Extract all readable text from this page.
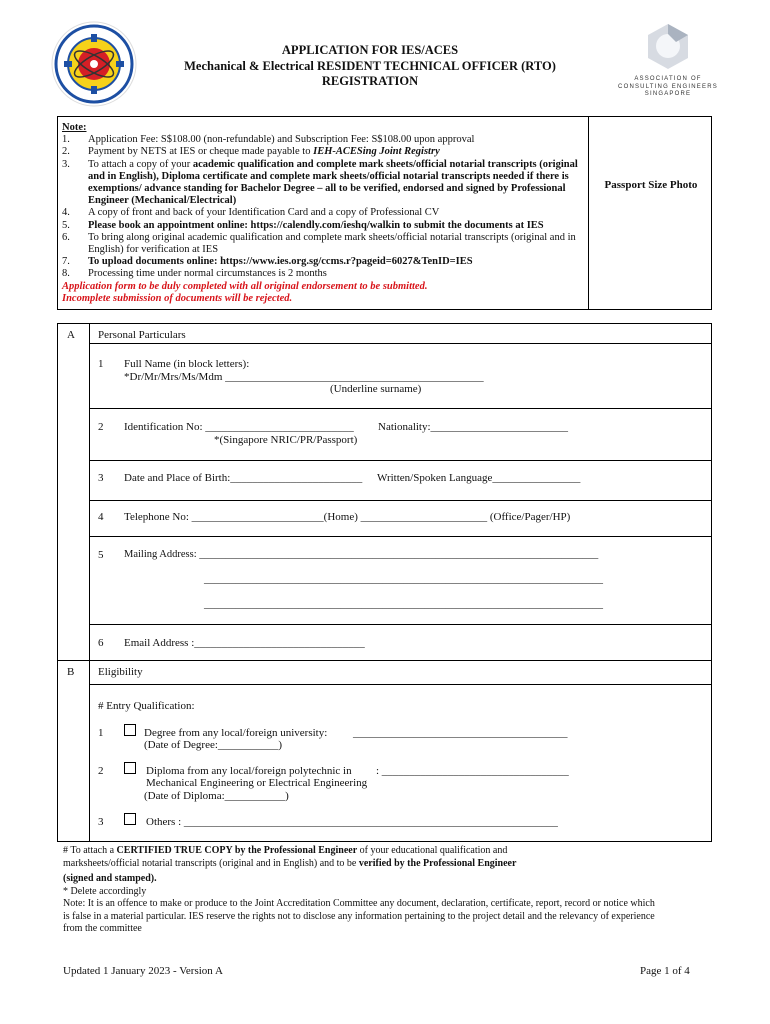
ASSOCIATION OF
CONSULTING ENGINEERS
SINGAPORE
APPLICATION FOR IES/ACES
Mechanical & Electrical RESIDENT TECHNICAL OFFICER (RTO)
REGISTRATION
Note:
1.	Application Fee: S$108.00 (non-refundable) and Subscription Fee: S$108.00 upon approval
2.	Payment by NETS at IES or cheque made payable to IEH-ACESing Joint Registry
3.	To attach a copy of your academic qualification and complete mark sheets/official notarial transcripts (original and in English), Diploma certificate and complete mark sheets/official notarial transcripts needed if there is exemptions/ advance standing for Bachelor Degree – all to be verified, endorsed and signed by Professional Engineer (Mechanical/Electrical)
4.	A copy of front and back of your Identification Card and a copy of Professional CV
5.	Please book an appointment online: https://calendly.com/ieshq/walkin to submit the documents at IES
6.	To bring along original academic qualification and complete mark sheets/official notarial transcripts (original and in English) for verification at IES
7.	To upload documents online: https://www.ies.org.sg/ccms.r?pageid=6027&TenID=IES
8.	Processing time under normal circumstances is 2 months
Application form to be duly completed with all original endorsement to be submitted.
Incomplete submission of documents will be rejected.
Passport Size Photo
A Personal Particulars
1 Full Name (in block letters):
*Dr/Mr/Mrs/Ms/Mdm _______________________________________________
(Underline surname)
2 Identification No: ___________________________ Nationality:_________________________
*(Singapore NRIC/PR/Passport)
3 Date and Place of Birth:________________________ Written/Spoken Language________________
4 Telephone No: ________________________(Home) _______________________ (Office/Pager/HP)
5 Mailing Address: ____________________________________________________________________________
____________________________________________________________________________
____________________________________________________________________________
6 Email Address :_______________________________
B Eligibility
# Entry Qualification:
1	Degree from any local/foreign university:
(Date of Degree:___________)
_______________________________________
2	Diploma from any local/foreign polytechnic in
Mechanical Engineering or Electrical Engineering
(Date of Diploma:___________)
: __________________________________
3	Others : ____________________________________________________________________
# To attach a CERTIFIED TRUE COPY by the Professional Engineer of your educational qualification and
marksheets/official notarial transcripts (original and in English) and to be verified by the Professional Engineer
(signed and stamped).
* Delete accordingly
Note: It is an offence to make or produce to the Joint Accreditation Committee any document, declaration, certificate, report, record or notice which is false in a material particular. IES reserve the rights not to disclose any information pertaining to the project detail and the relevancy of experience from the committee
Updated 1 January 2023 - Version A	Page 1 of 4
